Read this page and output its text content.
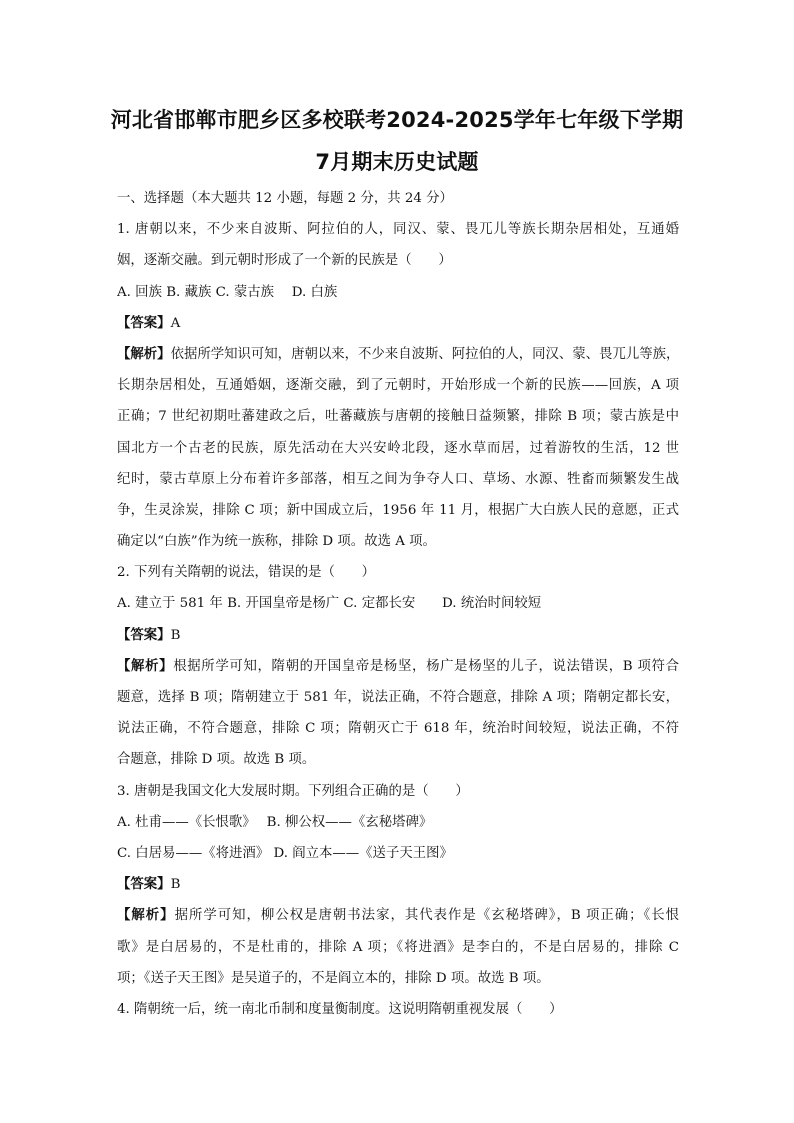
河北省邯郸市肥乡区多校联考2024-2025学年七年级下学期
7月期末历史试题
一、选择题（本大题共 12 小题，每题 2 分，共 24 分）
1. 唐朝以来，不少来自波斯、阿拉伯的人，同汉、蒙、畏兀儿等族长期杂居相处，互通婚
姻，逐渐交融。到元朝时形成了一个新的民族是（　　）
A. 回族 B. 藏族 C. 蒙古族　 D. 白族
【答案】A
【解析】依据所学知识可知，唐朝以来，不少来自波斯、阿拉伯的人，同汉、蒙、畏兀儿等族，
长期杂居相处，互通婚姻，逐渐交融，到了元朝时，开始形成一个新的民族——回族，A 项
正确；7 世纪初期吐蕃建政之后，吐蕃藏族与唐朝的接触日益频繁，排除 B 项；蒙古族是中
国北方一个古老的民族，原先活动在大兴安岭北段，逐水草而居，过着游牧的生活，12 世
纪时，蒙古草原上分布着许多部落，相互之间为争夺人口、草场、水源、牲畜而频繁发生战
争，生灵涂炭，排除 C 项；新中国成立后，1956 年 11 月，根据广大白族人民的意愿，正式
确定以“白族”作为统一族称，排除 D 项。故选 A 项。
2. 下列有关隋朝的说法，错误的是（　　）
A. 建立于 581 年 B. 开国皇帝是杨广 C. 定都长安　　D. 统治时间较短
【答案】B
【解析】根据所学可知，隋朝的开国皇帝是杨坚，杨广是杨坚的儿子，说法错误，B 项符合
题意，选择 B 项；隋朝建立于 581 年，说法正确，不符合题意，排除 A 项；隋朝定都长安，
说法正确，不符合题意，排除 C 项；隋朝灭亡于 618 年，统治时间较短，说法正确，不符
合题意，排除 D 项。故选 B 项。
3. 唐朝是我国文化大发展时期。下列组合正确的是（　　）
A. 杜甫——《长恨歌》　 B. 柳公权——《玄秘塔碑》
C. 白居易——《将进酒》 D. 阎立本——《送子天王图》
【答案】B
【解析】据所学可知，柳公权是唐朝书法家，其代表作是《玄秘塔碑》，B 项正确；《长恨
歌》是白居易的，不是杜甫的，排除 A 项；《将进酒》是李白的，不是白居易的，排除 C
项；《送子天王图》是吴道子的，不是阎立本的，排除 D 项。故选 B 项。
4. 隋朝统一后，统一南北币制和度量衡制度。这说明隋朝重视发展（　　）
